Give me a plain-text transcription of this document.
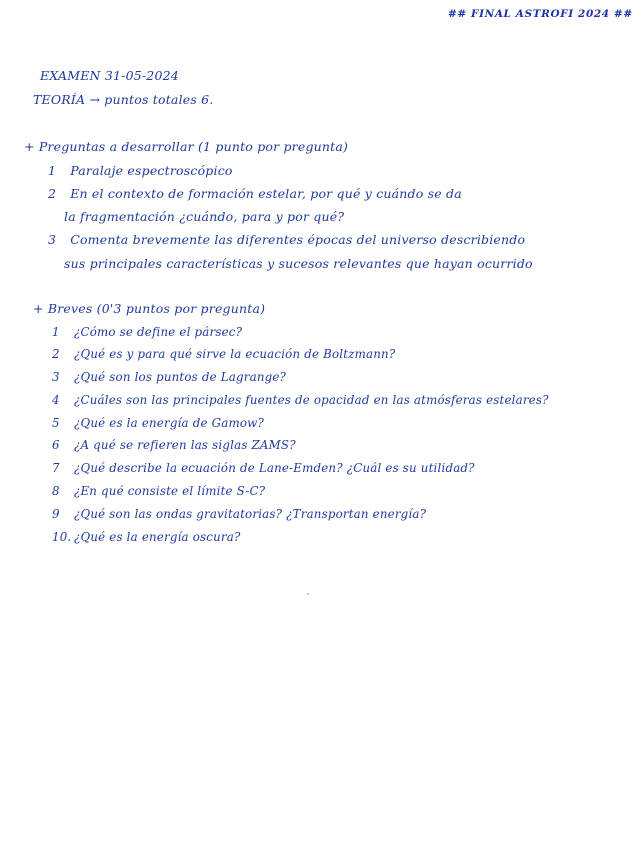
## FINAL ASTROFI 2024 ##
EXAMEN 31-05-2024
TEORÍA → puntos totales 6.
+ Preguntas a desarrollar (1 punto por pregunta)
1 Paralaje espectroscópico
2 En el contexto de formación estelar, por qué y cuándo se da
la fragmentación ¿cuándo, para y por qué?
3 Comenta brevemente las diferentes épocas del universo describiendo
sus principales características y sucesos relevantes que hayan ocurrido
+ Breves (0'3 puntos por pregunta)
1 ¿Cómo se define el pársec?
2 ¿Qué es y para qué sirve la ecuación de Boltzmann?
3 ¿Qué son los puntos de Lagrange?
4 ¿Cuáles son las principales fuentes de opacidad en las atmósferas estelares?
5 ¿Qué es la energía de Gamow?
6 ¿A qué se refieren las siglas ZAMS?
7 ¿Qué describe la ecuación de Lane-Emden? ¿Cuál es su utilidad?
8 ¿En qué consiste el límite S-C?
9 ¿Qué son las ondas gravitatorias? ¿Transportan energía?
10. ¿Qué es la energía oscura?
